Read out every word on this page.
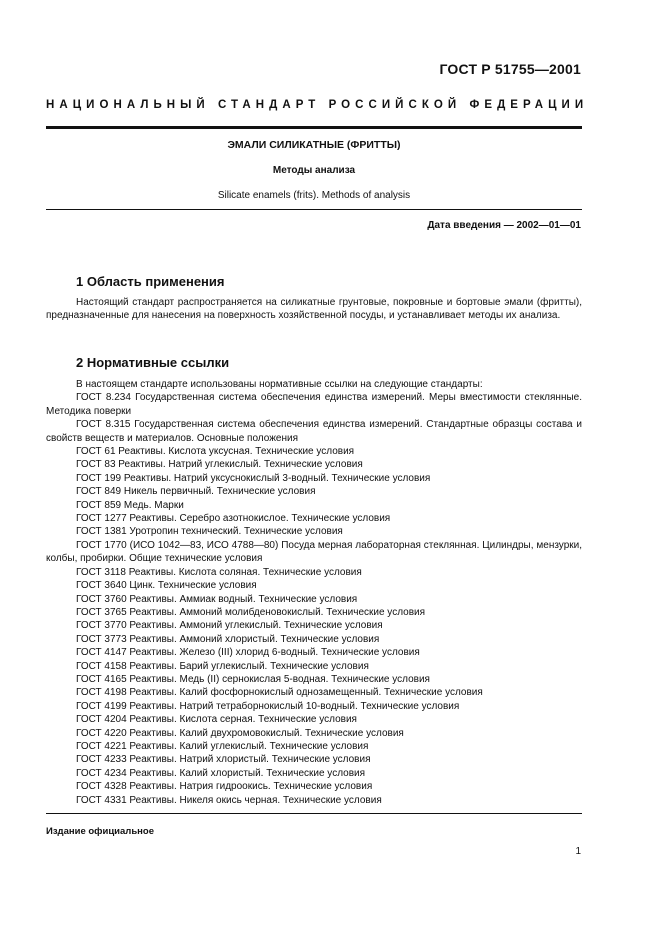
ГОСТ Р 51755—2001
НАЦИОНАЛЬНЫЙ СТАНДАРТ РОССИЙСКОЙ ФЕДЕРАЦИИ
ЭМАЛИ СИЛИКАТНЫЕ (ФРИТТЫ)
Методы анализа
Silicate enamels (frits). Methods of analysis
Дата введения — 2002—01—01
1 Область применения
Настоящий стандарт распространяется на силикатные грунтовые, покровные и бортовые эмали (фритты), предназначенные для нанесения на поверхность хозяйственной посуды, и устанавливает методы их анализа.
2 Нормативные ссылки
В настоящем стандарте использованы нормативные ссылки на следующие стандарты:
ГОСТ 8.234 Государственная система обеспечения единства измерений. Меры вместимости стеклянные. Методика поверки
ГОСТ 8.315 Государственная система обеспечения единства измерений. Стандартные образцы состава и свойств веществ и материалов. Основные положения
ГОСТ 61 Реактивы. Кислота уксусная. Технические условия
ГОСТ 83 Реактивы. Натрий углекислый. Технические условия
ГОСТ 199 Реактивы. Натрий уксуснокислый 3-водный. Технические условия
ГОСТ 849 Никель первичный. Технические условия
ГОСТ 859 Медь. Марки
ГОСТ 1277 Реактивы. Серебро азотнокислое. Технические условия
ГОСТ 1381 Уротропин технический. Технические условия
ГОСТ 1770 (ИСО 1042—83, ИСО 4788—80) Посуда мерная лабораторная стеклянная. Цилиндры, мензурки, колбы, пробирки. Общие технические условия
ГОСТ 3118 Реактивы. Кислота соляная. Технические условия
ГОСТ 3640 Цинк. Технические условия
ГОСТ 3760 Реактивы. Аммиак водный. Технические условия
ГОСТ 3765 Реактивы. Аммоний молибденовокислый. Технические условия
ГОСТ 3770 Реактивы. Аммоний углекислый. Технические условия
ГОСТ 3773 Реактивы. Аммоний хлористый. Технические условия
ГОСТ 4147 Реактивы. Железо (III) хлорид 6-водный. Технические условия
ГОСТ 4158 Реактивы. Барий углекислый. Технические условия
ГОСТ 4165 Реактивы. Медь (II) сернокислая 5-водная. Технические условия
ГОСТ 4198 Реактивы. Калий фосфорнокислый однозамещенный. Технические условия
ГОСТ 4199 Реактивы. Натрий тетраборнокислый 10-водный. Технические условия
ГОСТ 4204 Реактивы. Кислота серная. Технические условия
ГОСТ 4220 Реактивы. Калий двухромовокислый. Технические условия
ГОСТ 4221 Реактивы. Калий углекислый. Технические условия
ГОСТ 4233 Реактивы. Натрий хлористый. Технические условия
ГОСТ 4234 Реактивы. Калий хлористый. Технические условия
ГОСТ 4328 Реактивы. Натрия гидроокись. Технические условия
ГОСТ 4331 Реактивы. Никеля окись черная. Технические условия
Издание официальное
1
